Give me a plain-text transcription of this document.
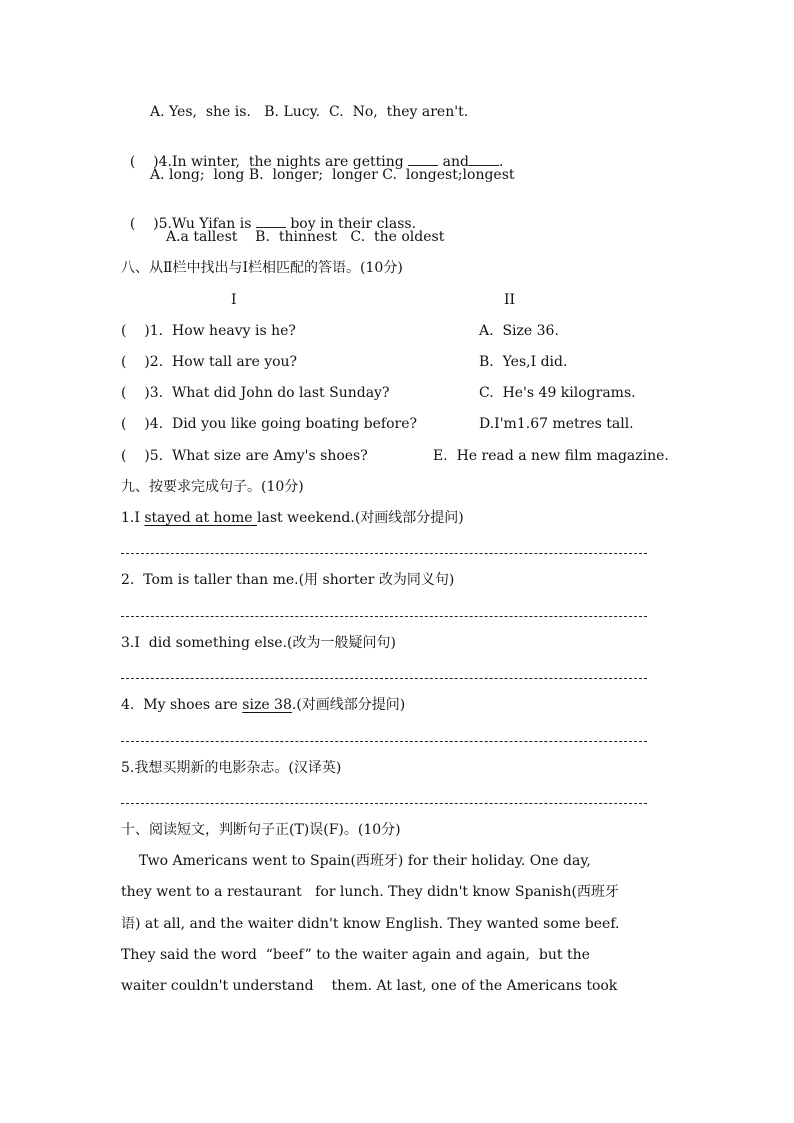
A. Yes,  she is.   B. Lucy.  C.  No,  they aren't.

(    )4.In winter,  the nights are getting  and .

A. long;  long B.  longer;  longer C.  longest;longest

(    )5.Wu Yifan is  boy in their class.

A.a tallest    B.  thinnest   C.  the oldest
八、从Ⅱ栏中找出与Ⅰ栏相匹配的答语。(10分)
I	II
(    )1.  How heavy is he?	A.  Size 36.
(    )2.  How tall are you?	B.  Yes,I did.
(    )3.  What did John do last Sunday?	C.  He's 49 kilograms.
(    )4.  Did you like going boating before?	D.I'm1.67 metres tall.
(    )5.  What size are Amy's shoes?	E.  He read a new film magazine.
九、按要求完成句子。(10分)
1.I stayed at home last weekend.(对画线部分提问)
2.  Tom is taller than me.(用 shorter 改为同义句)
3.I  did something else.(改为一般疑问句)
4.  My shoes are size 38.(对画线部分提问)
5.我想买期新的电影杂志。(汉译英)
十、阅读短文，判断句子正(T)误(F)。(10分)
Two Americans went to Spain(西班牙) for their holiday. One day,
they went to a restaurant   for lunch. They didn't know Spanish(西班牙
语) at all, and the waiter didn't know English. They wanted some beef.
They said the word  “beef” to the waiter again and again,  but the
waiter couldn't understand    them. At last, one of the Americans took
